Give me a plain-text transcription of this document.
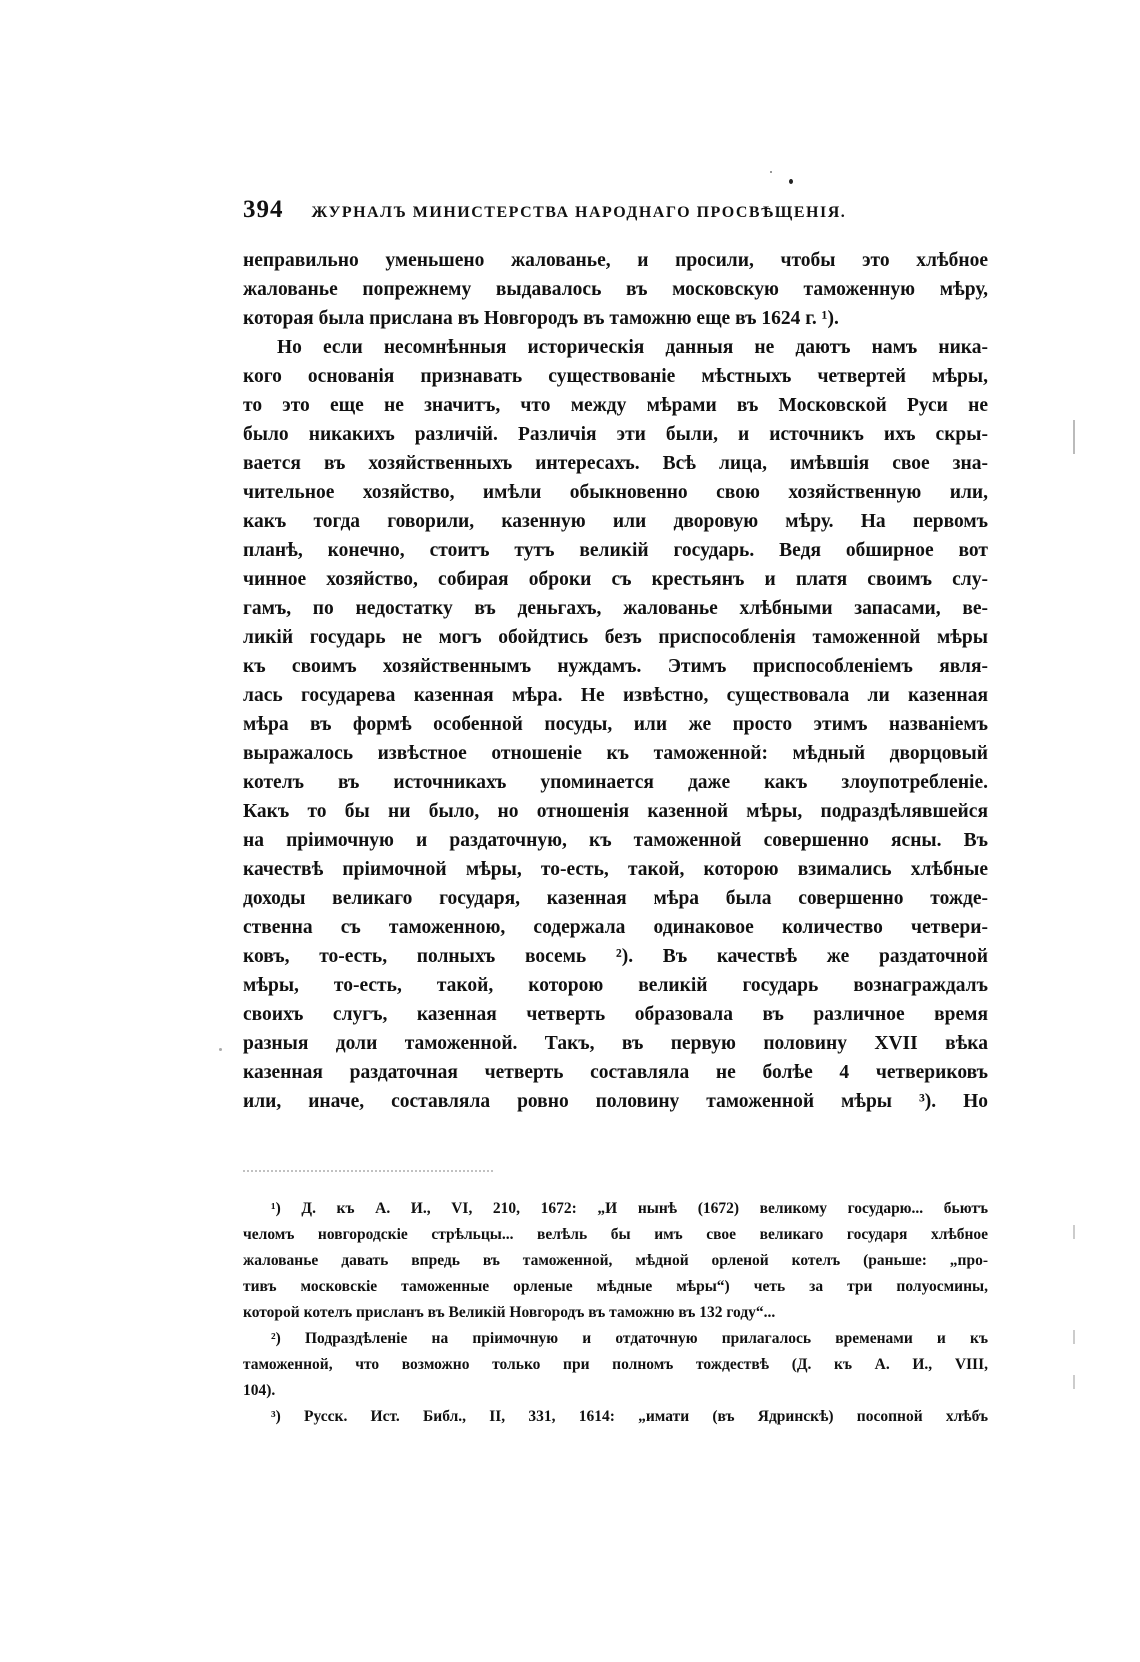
394 ЖУРНАЛЪ МИНИСТЕРСТВА НАРОДНАГО ПРОСВѢЩЕНІЯ.
неправильно уменьшено жалованье, и просили, чтобы это хлѣбное
жалованье попрежнему выдавалось въ московскую таможенную мѣру,
которая была прислана въ Новгородъ въ таможню еще въ 1624 г. ¹).
Но если несомнѣнныя историческія данныя не даютъ намъ ника-
кого основанія признавать существованіе мѣстныхъ четвертей мѣры,
то это еще не значитъ, что между мѣрами въ Московской Руси не
было никакихъ различій. Различія эти были, и источникъ ихъ скры-
вается въ хозяйственныхъ интересахъ. Всѣ лица, имѣвшія свое зна-
чительное хозяйство, имѣли обыкновенно свою хозяйственную или,
какъ тогда говорили, казенную или дворовую мѣру. На первомъ
планѣ, конечно, стоитъ тутъ великій государь. Ведя обширное вот
чинное хозяйство, собирая оброки съ крестьянъ и платя своимъ слу-
гамъ, по недостатку въ деньгахъ, жалованье хлѣбными запасами, ве-
ликій государь не могъ обойдтись безъ приспособленія таможенной мѣры
къ своимъ хозяйственнымъ нуждамъ. Этимъ приспособленіемъ явля-
лась государева казенная мѣра. Не извѣстно, существовала ли казенная
мѣра въ формѣ особенной посуды, или же просто этимъ названіемъ
выражалось извѣстное отношеніе къ таможенной: мѣдный дворцовый
котелъ въ источникахъ упоминается даже какъ злоупотребленіе.
Какъ то бы ни было, но отношенія казенной мѣры, подраздѣлявшейся
на пріимочную и раздаточную, къ таможенной совершенно ясны. Въ
качествѣ пріимочной мѣры, то-есть, такой, которою взимались хлѣбные
доходы великаго государя, казенная мѣра была совершенно тожде-
ственна съ таможенною, содержала одинаковое количество четвери-
ковъ, то-есть, полныхъ восемь ²). Въ качествѣ же раздаточной
мѣры, то-есть, такой, которою великій государь вознаграждалъ
своихъ слугъ, казенная четверть образовала въ различное время
разныя доли таможенной. Такъ, въ первую половину XVII вѣка
казенная раздаточная четверть составляла не болѣе 4 четвериковъ
или, иначе, составляла ровно половину таможенной мѣры ³). Но
¹) Д. къ А. И., VI, 210, 1672: „И нынѣ (1672) великому государю... бьютъ
челомъ новгородскіе стрѣльцы... велѣль бы имъ свое великаго государя хлѣбное
жалованье давать впредь въ таможенной, мѣдной орленой котелъ (раньше: „про-
тивъ московскіе таможенные орленые мѣдные мѣры“) четь за три полуосмины,
которой котелъ присланъ въ Великій Новгородъ въ таможню въ 132 году“...
²) Подраздѣленіе на пріимочную и отдаточную прилагалось временами и къ
таможенной, что возможно только при полномъ тождествѣ (Д. къ А. И., VIII,
104).
³) Русск. Ист. Библ., II, 331, 1614: „имати (въ Ядринскѣ) посопной хлѣбъ
